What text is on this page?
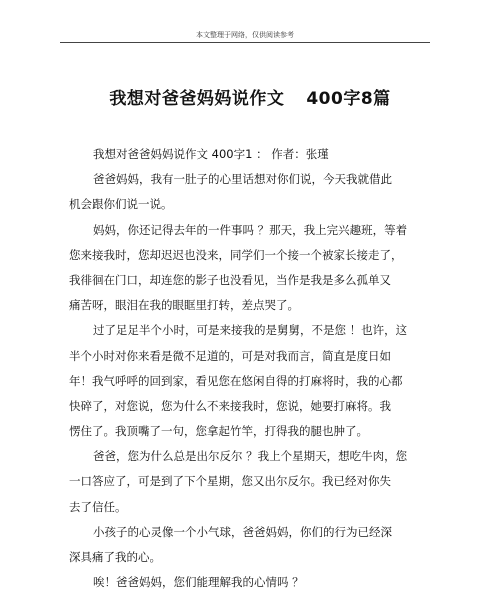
本文整理于网络，仅供阅读参考
我想对爸爸妈妈说作文 400字8篇
我想对爸爸妈妈说作文 400字1 ： 作者：张瑾
爸爸妈妈，我有一肚子的心里话想对你们说，今天我就借此
机会跟你们说一说。
妈妈，你还记得去年的一件事吗 ？那天，我上完兴趣班，等着
您来接我时，您却迟迟也没来，同学们一个接一个被家长接走了，
我徘徊在门口，却连您的影子也没看见，当作是我是多么孤单又
痛苦呀，眼泪在我的眼眶里打转，差点哭了。
过了足足半个小时，可是来接我的是舅舅，不是您 ！也许，这
半个小时对你来看是微不足道的，可是对我而言，简直是度日如
年！我气呼呼的回到家，看见您在悠闲自得的打麻将时，我的心都
快碎了，对您说，您为什么不来接我时，您说，她要打麻将。我
愣住了。我顶嘴了一句，您拿起竹竿，打得我的腿也肿了。
爸爸，您为什么总是出尔反尔 ？我上个星期天，想吃牛肉，您
一口答应了，可是到了下个星期，您又出尔反尔。我已经对你失
去了信任。
小孩子的心灵像一个小气球，爸爸妈妈，你们的行为已经深
深具痛了我的心。
唉！爸爸妈妈，您们能理解我的心情吗 ？
